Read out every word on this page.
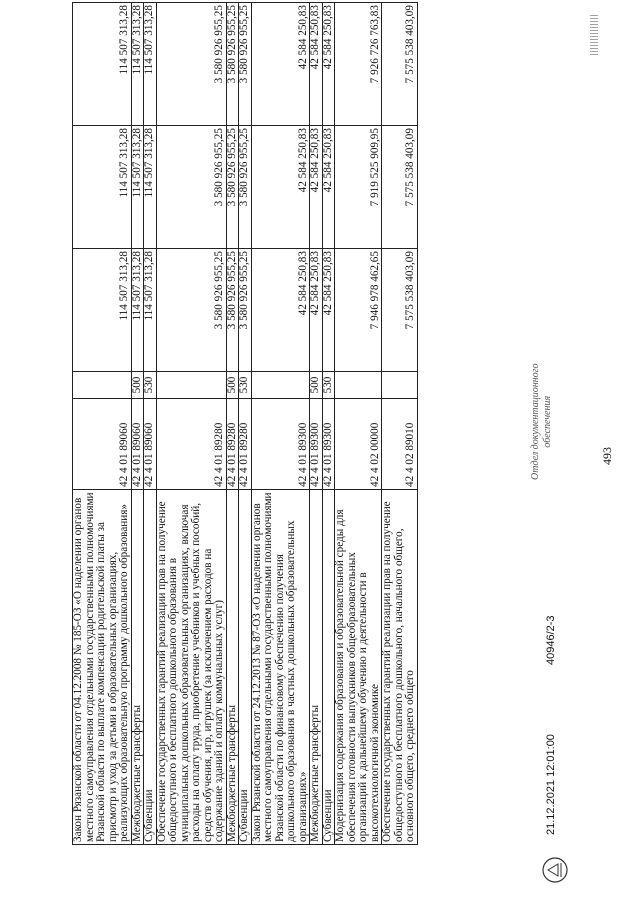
493
Закон Рязанской области от 04.12.2008 № 185-ОЗ «О наделении органов местного самоуправления отдельными государственными полномочиями Рязанской области по выплате компенсации родительской платы за присмотр и уход за детьми в образовательных организациях, реализующих образовательную программу дошкольного образования»	42 4 01 89060		114 507 313,28	114 507 313,28	114 507 313,28
Межбюджетные трансферты	42 4 01 89060	500	114 507 313,28	114 507 313,28	114 507 313,28
Субвенции	42 4 01 89060	530	114 507 313,28	114 507 313,28	114 507 313,28
Обеспечение государственных гарантий реализации прав на получение общедоступного и бесплатного дошкольного образования в муниципальных дошкольных образовательных организациях, включая расходы на оплату труда, приобретение учебников и учебных пособий, средств обучения, игр, игрушек (за исключением расходов на содержание зданий и оплату коммунальных услуг)	42 4 01 89280		3 580 926 955,25	3 580 926 955,25	3 580 926 955,25
Межбюджетные трансферты	42 4 01 89280	500	3 580 926 955,25	3 580 926 955,25	3 580 926 955,25
Субвенции	42 4 01 89280	530	3 580 926 955,25	3 580 926 955,25	3 580 926 955,25
Закон Рязанской области от 24.12.2013 № 87-ОЗ «О наделении органов местного самоуправления отдельными государственными полномочиями Рязанской области по финансовому обеспечению получения дошкольного образования в частных дошкольных образовательных организациях»	42 4 01 89300		42 584 250,83	42 584 250,83	42 584 250,83
Межбюджетные трансферты	42 4 01 89300	500	42 584 250,83	42 584 250,83	42 584 250,83
Субвенции	42 4 01 89300	530	42 584 250,83	42 584 250,83	42 584 250,83
Модернизация содержания образования и образовательной среды для обеспечения готовности выпускников общеобразовательных организаций к дальнейшему обучению и деятельности в высокотехнологичной экономике	42 4 02 00000		7 946 978 462,65	7 919 525 909,95	7 926 726 763,83
Обеспечение государственных гарантий реализации прав на получение общедоступного и бесплатного дошкольного, начального общего, основного общего, среднего общего	42 4 02 89010		7 575 538 403,09	7 575 538 403,09	7 575 538 403,09
21.12.2021 12:01:00
40946/2-3
Отдел документационного обеспечения
